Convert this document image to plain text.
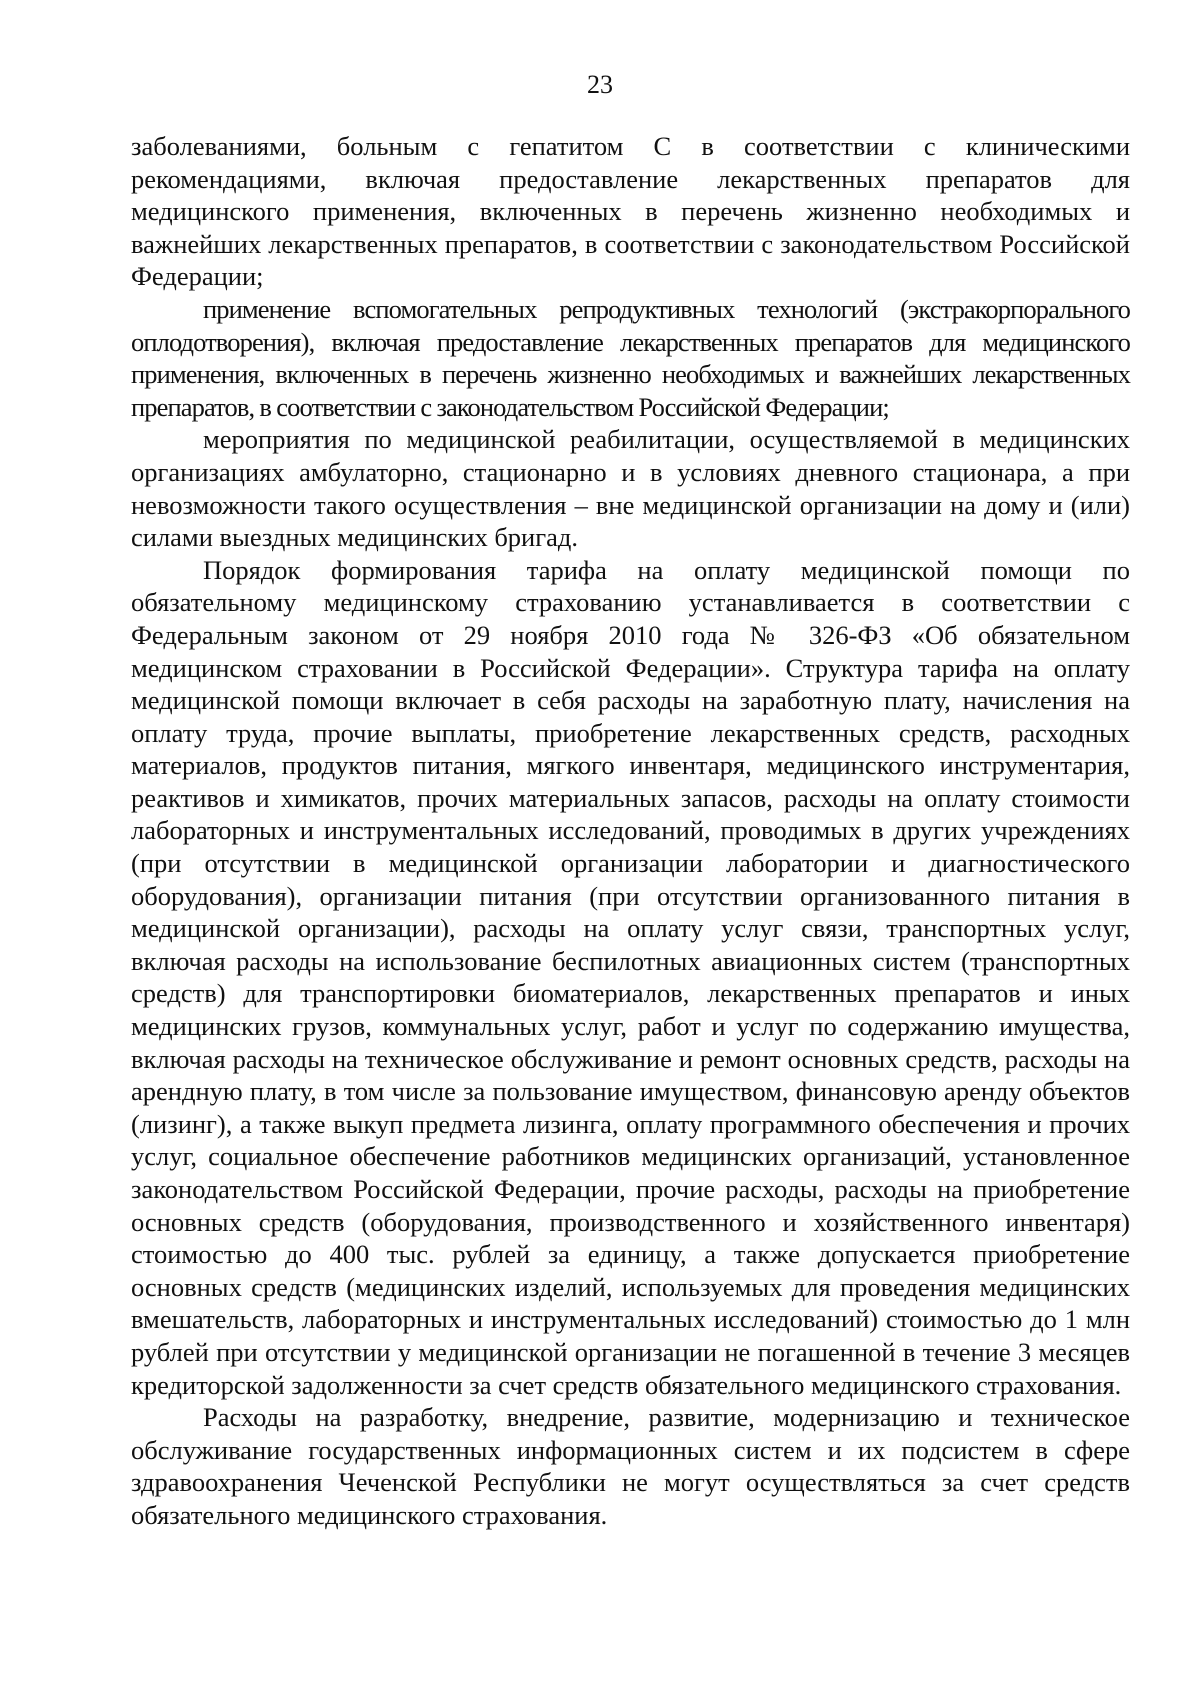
23

заболеваниями, больным с гепатитом С в соответствии с клиническими рекомендациями, включая предоставление лекарственных препаратов для медицинского применения, включенных в перечень жизненно необходимых и важнейших лекарственных препаратов, в соответствии с законодательством Российской Федерации;

применение вспомогательных репродуктивных технологий (экстракорпорального оплодотворения), включая предоставление лекарственных препаратов для медицинского применения, включенных в перечень жизненно необходимых и важнейших лекарственных препаратов, в соответствии с законодательством Российской Федерации;

мероприятия по медицинской реабилитации, осуществляемой в медицинских организациях амбулаторно, стационарно и в условиях дневного стационара, а при невозможности такого осуществления – вне медицинской организации на дому и (или) силами выездных медицинских бригад.

Порядок формирования тарифа на оплату медицинской помощи по обязательному медицинскому страхованию устанавливается в соответствии с Федеральным законом от 29 ноября 2010 года № 326-ФЗ «Об обязательном медицинском страховании в Российской Федерации». Структура тарифа на оплату медицинской помощи включает в себя расходы на заработную плату, начисления на оплату труда, прочие выплаты, приобретение лекарственных средств, расходных материалов, продуктов питания, мягкого инвентаря, медицинского инструментария, реактивов и химикатов, прочих материальных запасов, расходы на оплату стоимости лабораторных и инструментальных исследований, проводимых в других учреждениях (при отсутствии в медицинской организации лаборатории и диагностического оборудования), организации питания (при отсутствии организованного питания в медицинской организации), расходы на оплату услуг связи, транспортных услуг, включая расходы на использование беспилотных авиационных систем (транспортных средств) для транспортировки биоматериалов, лекарственных препаратов и иных медицинских грузов, коммунальных услуг, работ и услуг по содержанию имущества, включая расходы на техническое обслуживание и ремонт основных средств, расходы на арендную плату, в том числе за пользование имуществом, финансовую аренду объектов (лизинг), а также выкуп предмета лизинга, оплату программного обеспечения и прочих услуг, социальное обеспечение работников медицинских организаций, установленное законодательством Российской Федерации, прочие расходы, расходы на приобретение основных средств (оборудования, производственного и хозяйственного инвентаря) стоимостью до 400 тыс. рублей за единицу, а также допускается приобретение основных средств (медицинских изделий, используемых для проведения медицинских вмешательств, лабораторных и инструментальных исследований) стоимостью до 1 млн рублей при отсутствии у медицинской организации не погашенной в течение 3 месяцев кредиторской задолженности за счет средств обязательного медицинского страхования.

Расходы на разработку, внедрение, развитие, модернизацию и техническое обслуживание государственных информационных систем и их подсистем в сфере здравоохранения Чеченской Республики не могут осуществляться за счет средств обязательного медицинского страхования.
